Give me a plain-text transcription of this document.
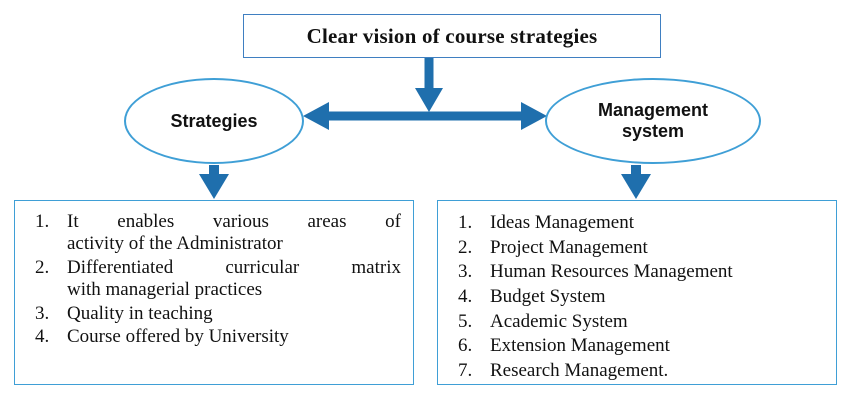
Clear vision of course strategies
Strategies
Management
system
It enables various areas of
activity of the Administrator
Differentiated curricular matrix
with managerial practices
Quality in teaching
Course offered by University
Ideas Management
Project Management
Human Resources Management
Budget System
Academic System
Extension Management
Research Management.
